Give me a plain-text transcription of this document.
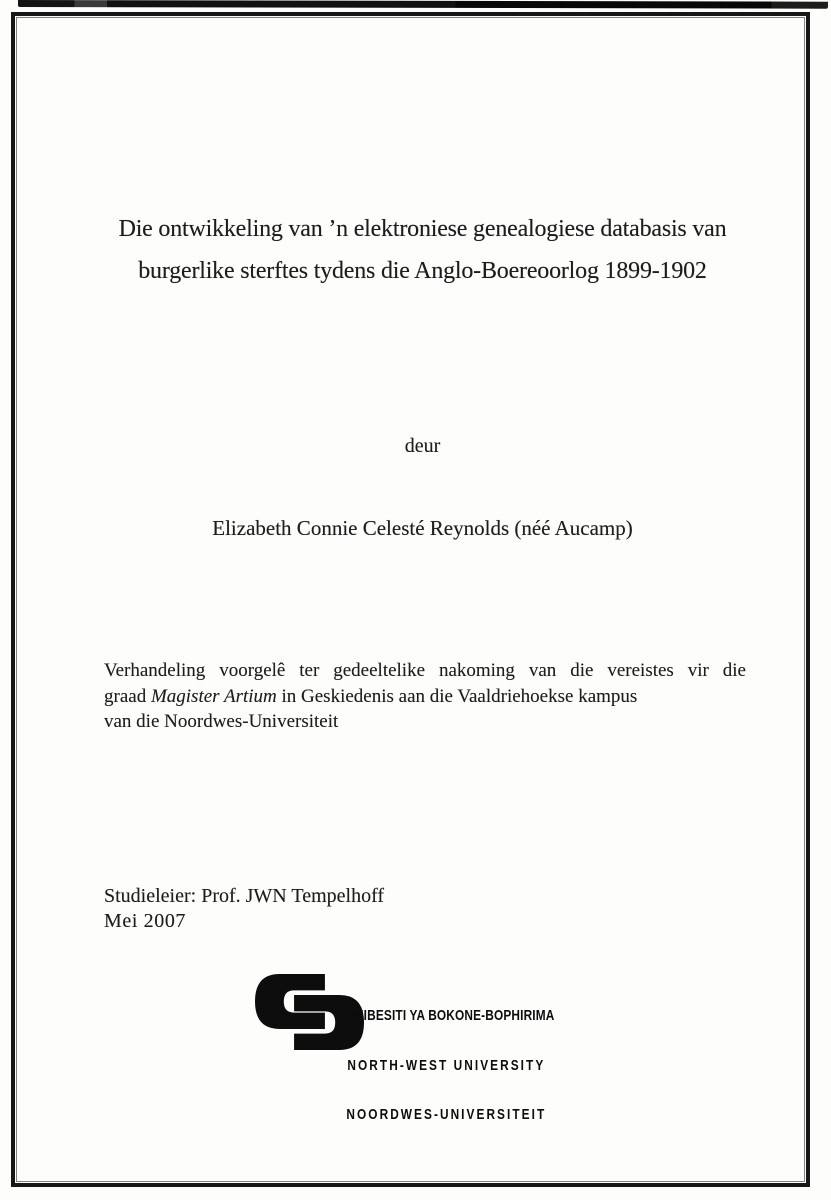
Die ontwikkeling van ’n elektroniese genealogiese databasis van
burgerlike sterftes tydens die Anglo-Boereoorlog 1899-1902
deur
Elizabeth Connie Celesté Reynolds (néé Aucamp)
Verhandeling voorgelê ter gedeeltelike nakoming van die vereistes vir die
graad Magister Artium in Geskiedenis aan die Vaaldriehoekse kampus
van die Noordwes-Universiteit
Studieleier: Prof. JWN Tempelhoff
Mei 2007

YUNIBESITI YA BOKONE-BOPHIRIMA

NORTH-WEST UNIVERSITY

NOORDWES-UNIVERSITEIT
